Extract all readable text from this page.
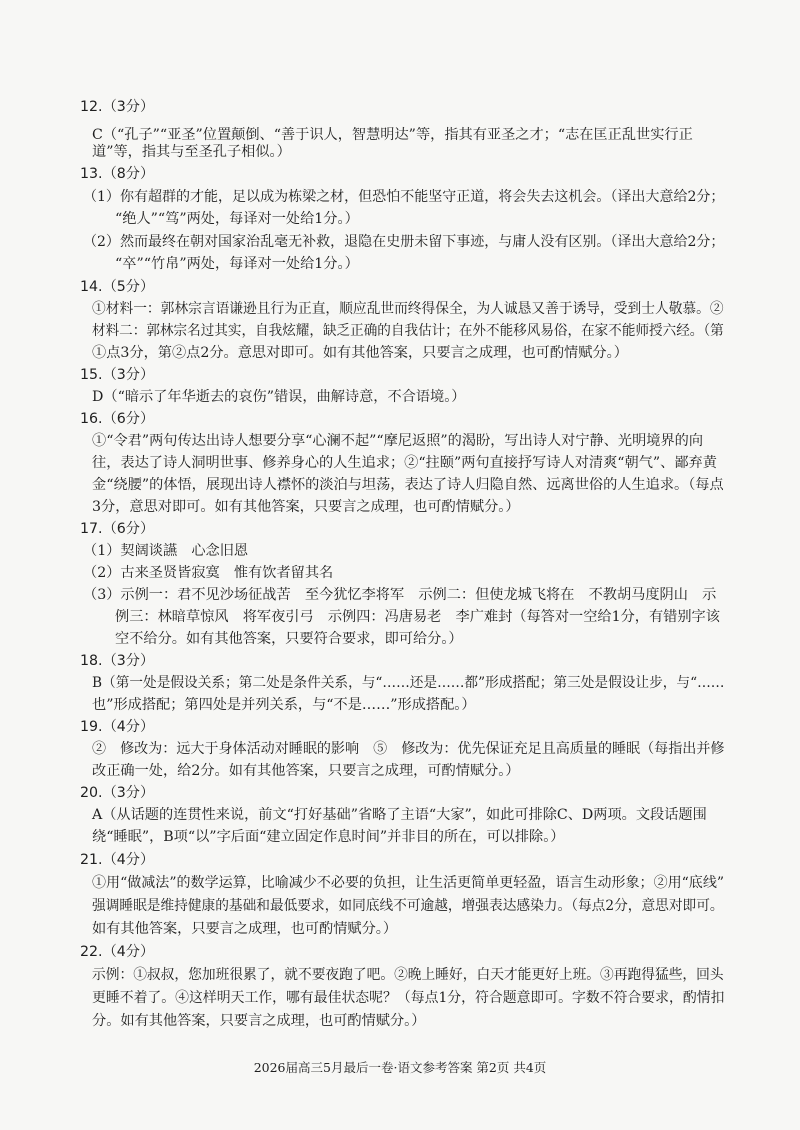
12.（3分）
C（“孔子”“亚圣”位置颠倒、“善于识人，智慧明达”等，指其有亚圣之才；“志在匡正乱世实行正
道”等，指其与至圣孔子相似。）
13.（8分）
（1）你有超群的才能，足以成为栋梁之材，但恐怕不能坚守正道，将会失去这机会。（译出大意给2分；
“绝人”“笃”两处，每译对一处给1分。）
（2）然而最终在朝对国家治乱毫无补救，退隐在史册未留下事迹，与庸人没有区别。（译出大意给2分；
“卒”“竹帛”两处，每译对一处给1分。）
14.（5分）
①材料一：郭林宗言语谦逊且行为正直，顺应乱世而终得保全，为人诚恳又善于诱导，受到士人敬慕。②
材料二：郭林宗名过其实，自我炫耀，缺乏正确的自我估计；在外不能移风易俗，在家不能师授六经。（第
①点3分，第②点2分。意思对即可。如有其他答案，只要言之成理，也可酌情赋分。）
15.（3分）
D（“暗示了年华逝去的哀伤”错误，曲解诗意，不合语境。）
16.（6分）
①“令君”两句传达出诗人想要分享“心澜不起”“摩尼返照”的渴盼，写出诗人对宁静、光明境界的向
往，表达了诗人洞明世事、修养身心的人生追求；②“拄颐”两句直接抒写诗人对清爽“朝气”、鄙弃黄
金“绕腰”的体悟，展现出诗人襟怀的淡泊与坦荡，表达了诗人归隐自然、远离世俗的人生追求。（每点
3分，意思对即可。如有其他答案，只要言之成理，也可酌情赋分。）
17.（6分）
（1）契阔谈讌　心念旧恩
（2）古来圣贤皆寂寞　惟有饮者留其名
（3）示例一：君不见沙场征战苦　至今犹忆李将军　示例二：但使龙城飞将在　不教胡马度阴山　示
例三：林暗草惊风　将军夜引弓　示例四：冯唐易老　李广难封（每答对一空给1分，有错别字该
空不给分。如有其他答案，只要符合要求，即可给分。）
18.（3分）
B（第一处是假设关系；第二处是条件关系，与“……还是……都”形成搭配；第三处是假设让步，与“……
也”形成搭配；第四处是并列关系，与“不是……”形成搭配。）
19.（4分）
②　修改为：远大于身体活动对睡眠的影响　⑤　修改为：优先保证充足且高质量的睡眠（每指出并修
改正确一处，给2分。如有其他答案，只要言之成理，可酌情赋分。）
20.（3分）
A（从话题的连贯性来说，前文“打好基础”省略了主语“大家”，如此可排除C、D两项。文段话题围
绕“睡眠”，B项“以”字后面“建立固定作息时间”并非目的所在，可以排除。）
21.（4分）
①用“做减法”的数学运算，比喻减少不必要的负担，让生活更简单更轻盈，语言生动形象；②用“底线”
强调睡眠是维持健康的基础和最低要求，如同底线不可逾越，增强表达感染力。（每点2分，意思对即可。
如有其他答案，只要言之成理，也可酌情赋分。）
22.（4分）
示例：①叔叔，您加班很累了，就不要夜跑了吧。②晚上睡好，白天才能更好上班。③再跑得猛些，回头
更睡不着了。④这样明天工作，哪有最佳状态呢？（每点1分，符合题意即可。字数不符合要求，酌情扣
分。如有其他答案，只要言之成理，也可酌情赋分。）
2026届高三5月最后一卷·语文参考答案 第2页 共4页
